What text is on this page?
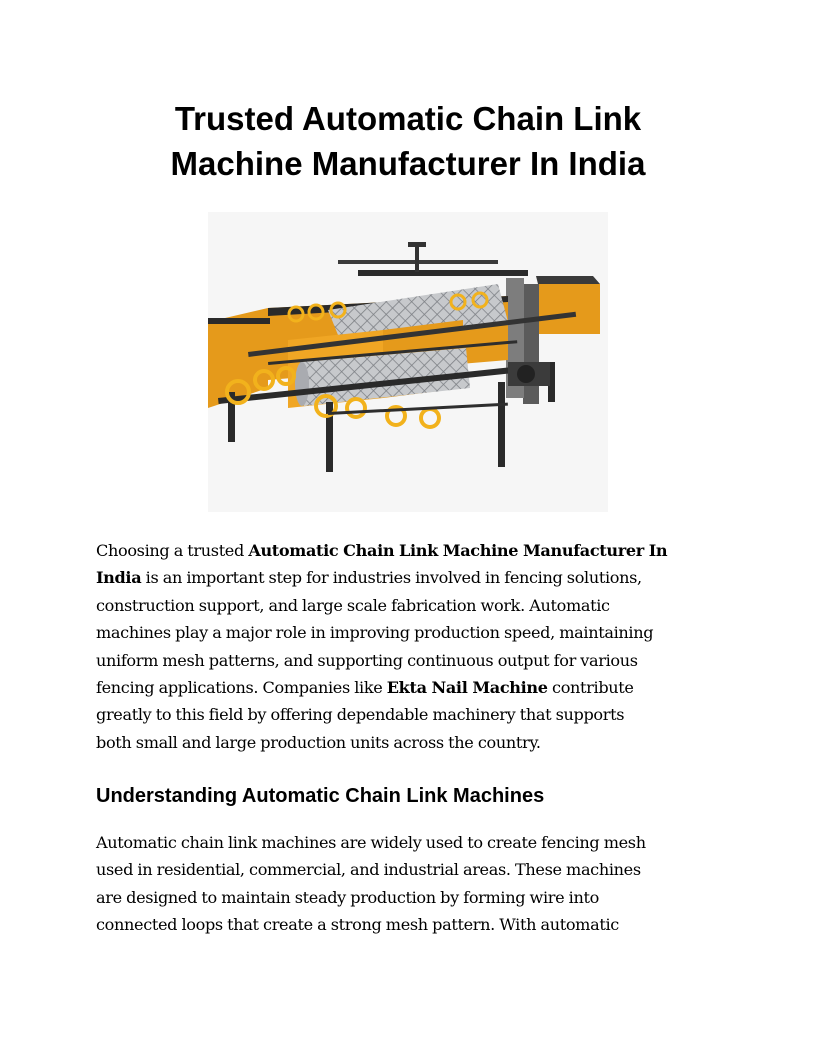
Trusted Automatic Chain Link
Machine Manufacturer In India

Choosing a trusted Automatic Chain Link Machine Manufacturer In
India is an important step for industries involved in fencing solutions,
construction support, and large scale fabrication work. Automatic
machines play a major role in improving production speed, maintaining
uniform mesh patterns, and supporting continuous output for various
fencing applications. Companies like Ekta Nail Machine contribute
greatly to this field by offering dependable machinery that supports
both small and large production units across the country.

Understanding Automatic Chain Link Machines

Automatic chain link machines are widely used to create fencing mesh
used in residential, commercial, and industrial areas. These machines
are designed to maintain steady production by forming wire into
connected loops that create a strong mesh pattern. With automatic
